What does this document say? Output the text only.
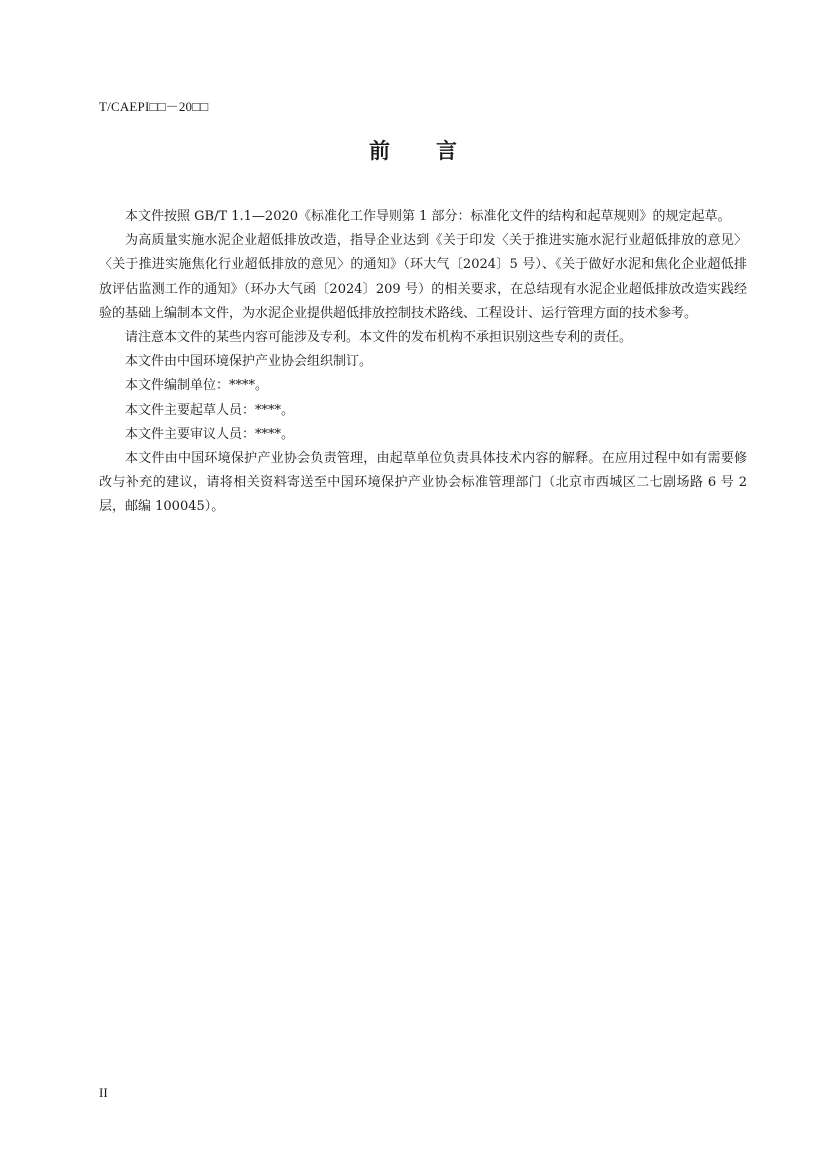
T/CAEPI□□－20□□
前言

本文件按照 GB/T 1.1—2020《标准化工作导则第 1 部分：标准化文件的结构和起草规则》的规定起草。

为高质量实施水泥企业超低排放改造，指导企业达到《关于印发〈关于推进实施水泥行业超低排放的意见〉〈关于推进实施焦化行业超低排放的意见〉的通知》（环大气〔2024〕5 号）、《关于做好水泥和焦化企业超低排放评估监测工作的通知》（环办大气函〔2024〕209 号）的相关要求，在总结现有水泥企业超低排放改造实践经验的基础上编制本文件，为水泥企业提供超低排放控制技术路线、工程设计、运行管理方面的技术参考。

请注意本文件的某些内容可能涉及专利。本文件的发布机构不承担识别这些专利的责任。

本文件由中国环境保护产业协会组织制订。

本文件编制单位：****。

本文件主要起草人员：****。

本文件主要审议人员：****。

本文件由中国环境保护产业协会负责管理，由起草单位负责具体技术内容的解释。在应用过程中如有需要修改与补充的建议，请将相关资料寄送至中国环境保护产业协会标准管理部门（北京市西城区二七剧场路 6 号 2 层，邮编 100045）。

II
